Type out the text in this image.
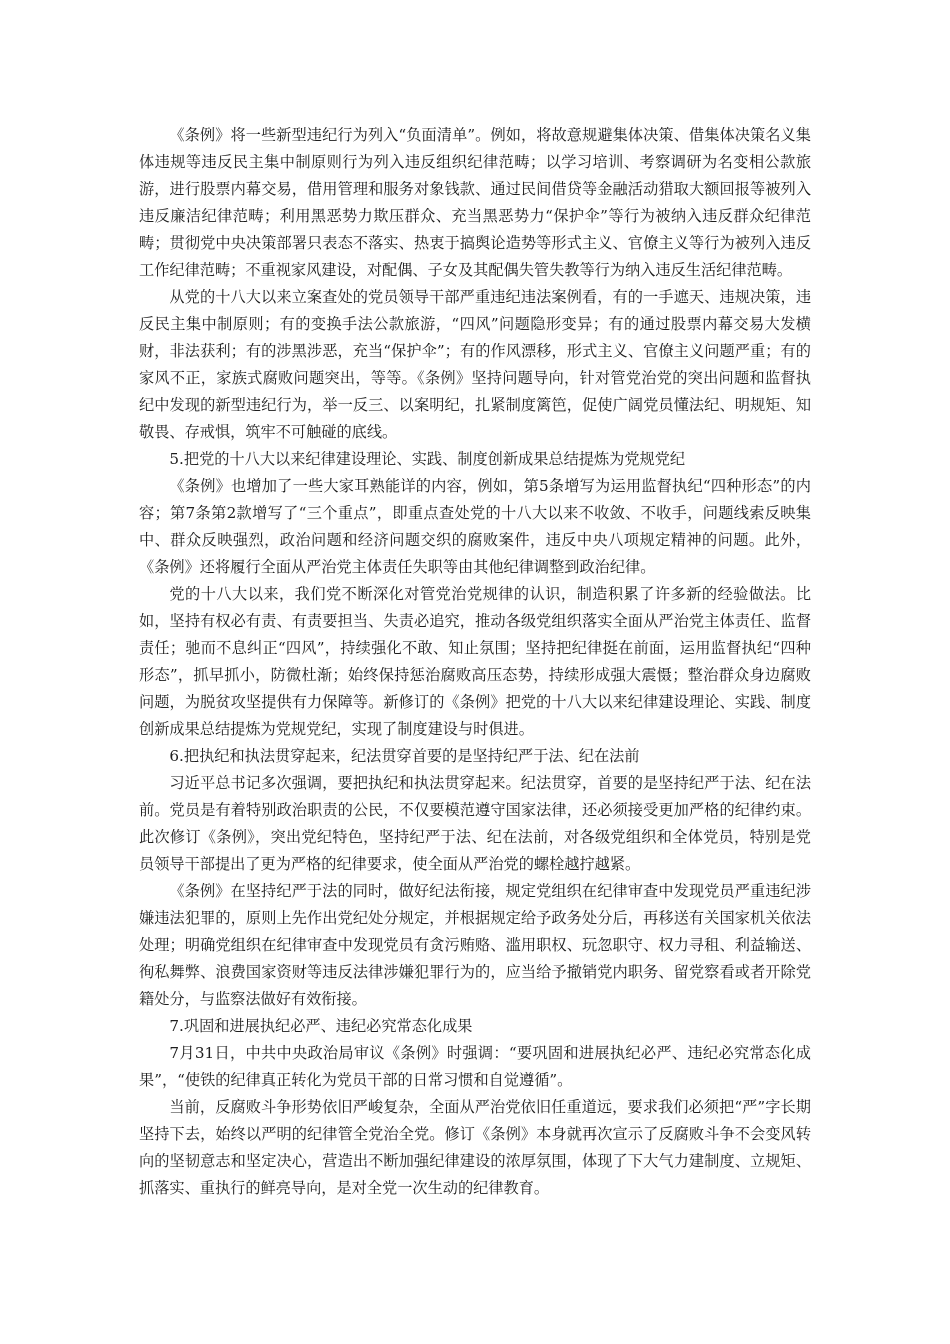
《条例》将一些新型违纪行为列入“负面清单”。例如，将故意规避集体决策、借集体决策名义集体违规等违反民主集中制原则行为列入违反组织纪律范畴；以学习培训、考察调研为名变相公款旅游，进行股票内幕交易，借用管理和服务对象钱款、通过民间借贷等金融活动猎取大额回报等被列入违反廉洁纪律范畴；利用黑恶势力欺压群众、充当黑恶势力“保护伞”等行为被纳入违反群众纪律范畴；贯彻党中央决策部署只表态不落实、热衷于搞舆论造势等形式主义、官僚主义等行为被列入违反工作纪律范畴；不重视家风建设，对配偶、子女及其配偶失管失教等行为纳入违反生活纪律范畴。

从党的十八大以来立案查处的党员领导干部严重违纪违法案例看，有的一手遮天、违规决策，违反民主集中制原则；有的变换手法公款旅游，“四风”问题隐形变异；有的通过股票内幕交易大发横财，非法获利；有的涉黑涉恶，充当“保护伞”；有的作风漂移，形式主义、官僚主义问题严重；有的家风不正，家族式腐败问题突出，等等。《条例》坚持问题导向，针对管党治党的突出问题和监督执纪中发现的新型违纪行为，举一反三、以案明纪，扎紧制度篱笆，促使广阔党员懂法纪、明规矩、知敬畏、存戒惧，筑牢不可触碰的底线。

5.把党的十八大以来纪律建设理论、实践、制度创新成果总结提炼为党规党纪

《条例》也增加了一些大家耳熟能详的内容，例如，第5条增写为运用监督执纪“四种形态”的内容；第7条第2款增写了“三个重点”，即重点查处党的十八大以来不收敛、不收手，问题线索反映集中、群众反映强烈，政治问题和经济问题交织的腐败案件，违反中央八项规定精神的问题。此外，《条例》还将履行全面从严治党主体责任失职等由其他纪律调整到政治纪律。

党的十八大以来，我们党不断深化对管党治党规律的认识，制造积累了许多新的经验做法。比如，坚持有权必有责、有责要担当、失责必追究，推动各级党组织落实全面从严治党主体责任、监督责任；驰而不息纠正“四风”，持续强化不敢、知止氛围；坚持把纪律挺在前面，运用监督执纪“四种形态”，抓早抓小，防微杜渐；始终保持惩治腐败高压态势，持续形成强大震慑；整治群众身边腐败问题，为脱贫攻坚提供有力保障等。新修订的《条例》把党的十八大以来纪律建设理论、实践、制度创新成果总结提炼为党规党纪，实现了制度建设与时俱进。

6.把执纪和执法贯穿起来，纪法贯穿首要的是坚持纪严于法、纪在法前

习近平总书记多次强调，要把执纪和执法贯穿起来。纪法贯穿，首要的是坚持纪严于法、纪在法前。党员是有着特别政治职责的公民，不仅要模范遵守国家法律，还必须接受更加严格的纪律约束。此次修订《条例》，突出党纪特色，坚持纪严于法、纪在法前，对各级党组织和全体党员，特别是党员领导干部提出了更为严格的纪律要求，使全面从严治党的螺栓越拧越紧。

《条例》在坚持纪严于法的同时，做好纪法衔接，规定党组织在纪律审查中发现党员严重违纪涉嫌违法犯罪的，原则上先作出党纪处分规定，并根据规定给予政务处分后，再移送有关国家机关依法处理；明确党组织在纪律审查中发现党员有贪污贿赂、滥用职权、玩忽职守、权力寻租、利益输送、徇私舞弊、浪费国家资财等违反法律涉嫌犯罪行为的，应当给予撤销党内职务、留党察看或者开除党籍处分，与监察法做好有效衔接。

7.巩固和进展执纪必严、违纪必究常态化成果

7月31日，中共中央政治局审议《条例》时强调：“要巩固和进展执纪必严、违纪必究常态化成果”，“使铁的纪律真正转化为党员干部的日常习惯和自觉遵循”。

当前，反腐败斗争形势依旧严峻复杂，全面从严治党依旧任重道远，要求我们必须把“严”字长期坚持下去，始终以严明的纪律管全党治全党。修订《条例》本身就再次宣示了反腐败斗争不会变风转向的坚韧意志和坚定决心，营造出不断加强纪律建设的浓厚氛围，体现了下大气力建制度、立规矩、抓落实、重执行的鲜亮导向，是对全党一次生动的纪律教育。
